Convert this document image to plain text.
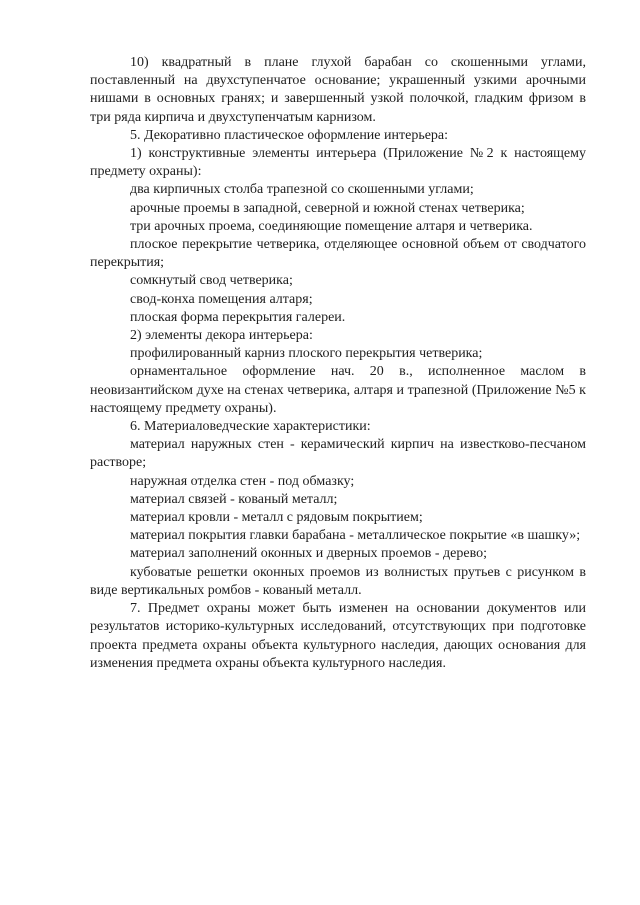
10) квадратный в плане глухой барабан со скошенными углами, поставленный на двухступенчатое основание; украшенный узкими арочными нишами в основных гранях; и завершенный узкой полочкой, гладким фризом в три ряда кирпича и двухступенчатым карнизом.

5. Декоративно пластическое оформление интерьера:

1) конструктивные элементы интерьера (Приложение №2 к настоящему предмету охраны):

два кирпичных столба трапезной со скошенными углами;

арочные проемы в западной, северной и южной стенах четверика;

три арочных проема, соединяющие помещение алтаря и четверика.

плоское перекрытие четверика, отделяющее основной объем от сводчатого перекрытия;

сомкнутый свод четверика;

свод-конха помещения алтаря;

плоская форма перекрытия галереи.

2) элементы декора интерьера:

профилированный карниз плоского перекрытия четверика;

орнаментальное оформление нач. 20 в., исполненное маслом в неовизантийском духе на стенах четверика, алтаря и трапезной (Приложение №5 к настоящему предмету охраны).

6. Материаловедческие характеристики:

материал наружных стен - керамический кирпич на известково-песчаном растворе;

наружная отделка стен - под обмазку;

материал связей - кованый металл;

материал кровли - металл с рядовым покрытием;

материал покрытия главки барабана - металлическое покрытие «в шашку»;

материал заполнений оконных и дверных проемов - дерево;

кубоватые решетки оконных проемов из волнистых прутьев с рисунком в виде вертикальных ромбов - кованый металл.

7. Предмет охраны может быть изменен на основании документов или результатов историко-культурных исследований, отсутствующих при подготовке проекта предмета охраны объекта культурного наследия, дающих основания для изменения предмета охраны объекта культурного наследия.
